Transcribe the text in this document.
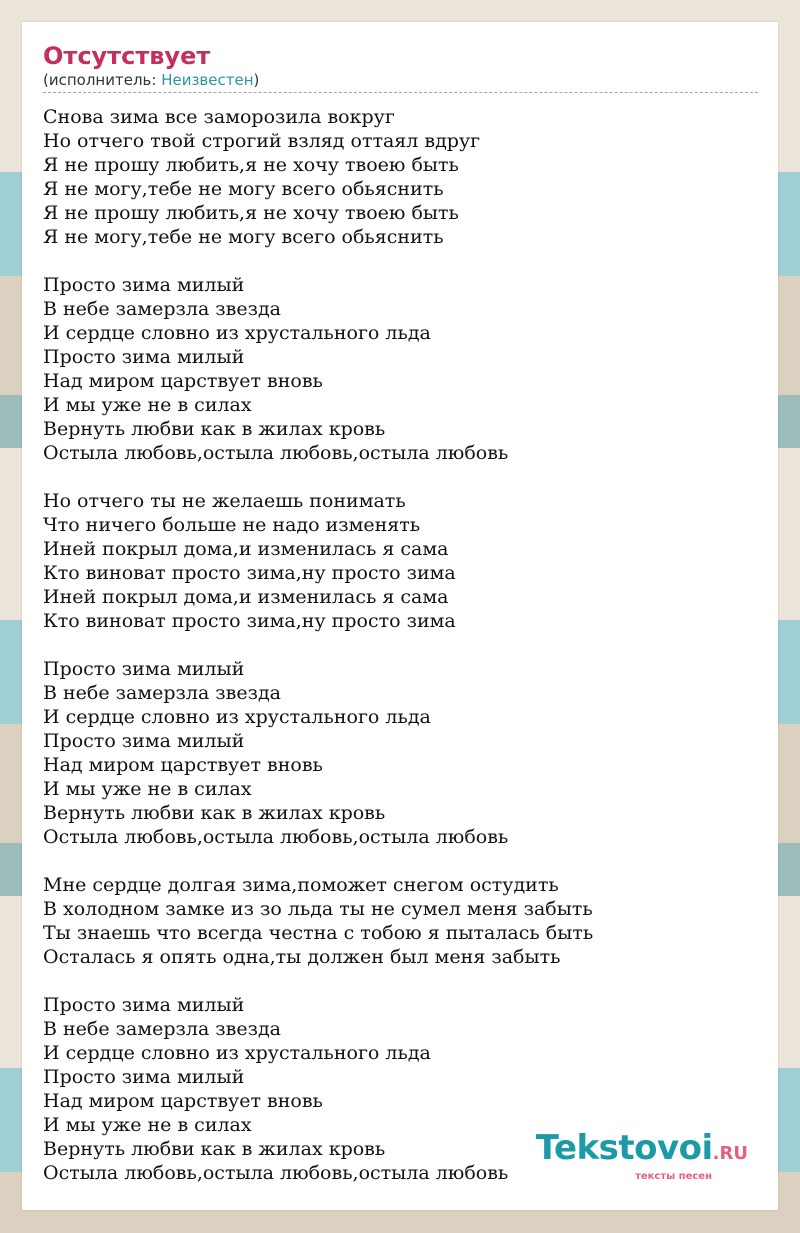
Отсутствует
(исполнитель: Неизвестен)
Снова зима все заморозила вокруг
Но отчего твой строгий взляд оттаял вдруг
Я не прошу любить,я не хочу твоею быть
Я не могу,тебе не могу всего обьяснить
Я не прошу любить,я не хочу твоею быть
Я не могу,тебе не могу всего обьяснить
Просто зима милый
В небе замерзла звезда
И сердце словно из хрустального льда
Просто зима милый
Над миром царствует вновь
И мы уже не в силах
Вернуть любви как в жилах кровь
Остыла любовь,остыла любовь,остыла любовь
Но отчего ты не желаешь понимать
Что ничего больше не надо изменять
Иней покрыл дома,и изменилась я сама
Кто виноват просто зима,ну просто зима
Иней покрыл дома,и изменилась я сама
Кто виноват просто зима,ну просто зима
Просто зима милый
В небе замерзла звезда
И сердце словно из хрустального льда
Просто зима милый
Над миром царствует вновь
И мы уже не в силах
Вернуть любви как в жилах кровь
Остыла любовь,остыла любовь,остыла любовь
Мне сердце долгая зима,поможет снегом остудить
В холодном замке из зо льда ты не сумел меня забыть
Ты знаешь что всегда честна с тобою я пыталась быть
Осталась я опять одна,ты должен был меня забыть
Просто зима милый
В небе замерзла звезда
И сердце словно из хрустального льда
Просто зима милый
Над миром царствует вновь
И мы уже не в силах
Вернуть любви как в жилах кровь
Остыла любовь,остыла любовь,остыла любовь
Tekstovoi.RU
тексты песен
